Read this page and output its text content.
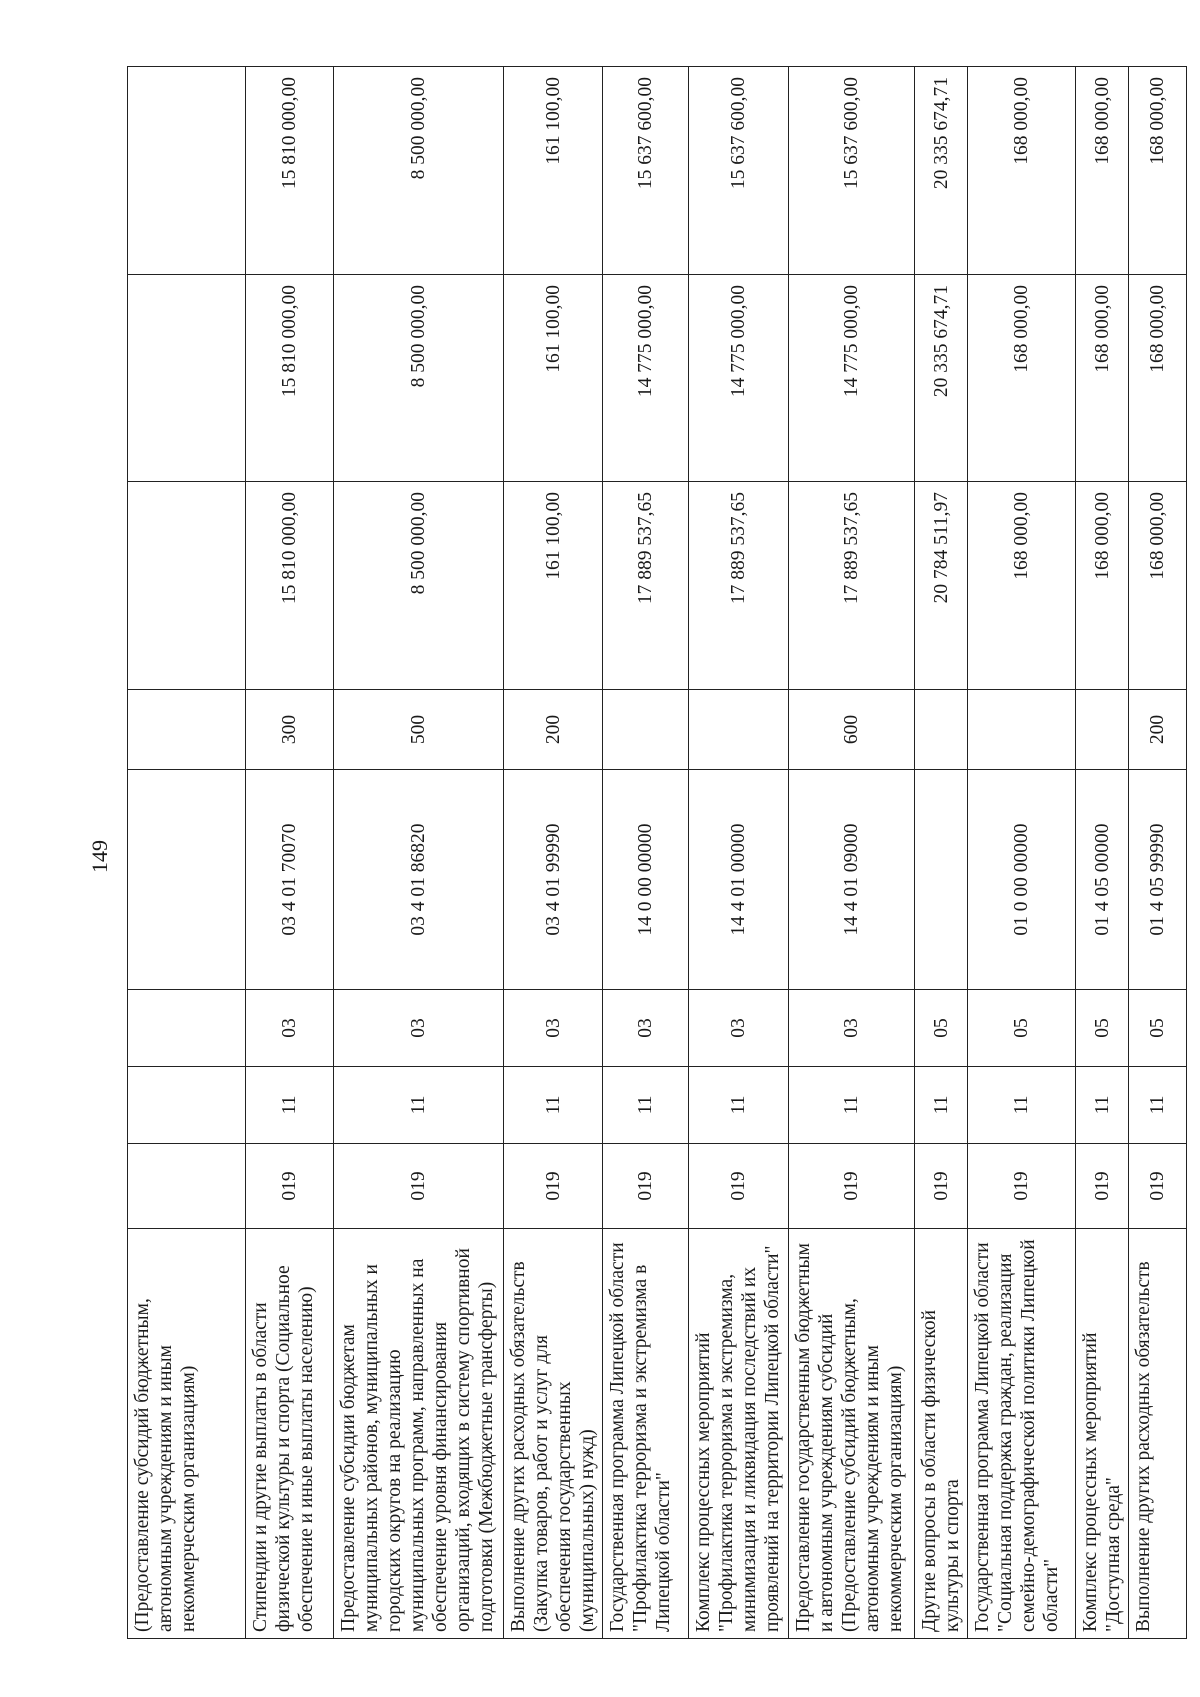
149
(Предоставление субсидий бюджетным, автономным учреждениям и иным некоммерческим организациям)								
Стипендии и другие выплаты в области физической культуры и спорта (Социальное обеспечение и иные выплаты населению)	019	11	03	03 4 01 70070	300	15 810 000,00	15 810 000,00	15 810 000,00
Предоставление субсидии бюджетам муниципальных районов, муниципальных и городских округов на реализацию муниципальных программ, направленных на обеспечение уровня финансирования организаций, входящих в систему спортивной подготовки (Межбюджетные трансферты)	019	11	03	03 4 01 86820	500	8 500 000,00	8 500 000,00	8 500 000,00
Выполнение других расходных обязательств (Закупка товаров, работ и услуг для обеспечения государственных (муниципальных) нужд)	019	11	03	03 4 01 99990	200	161 100,00	161 100,00	161 100,00
Государственная программа Липецкой области "Профилактика терроризма и экстремизма в Липецкой области"	019	11	03	14 0 00 00000		17 889 537,65	14 775 000,00	15 637 600,00
Комплекс процессных мероприятий "Профилактика терроризма и экстремизма, минимизация и ликвидация последствий их проявлений на территории Липецкой области"	019	11	03	14 4 01 00000		17 889 537,65	14 775 000,00	15 637 600,00
Предоставление государственным бюджетным и автономным учреждениям субсидий (Предоставление субсидий бюджетным, автономным учреждениям и иным некоммерческим организациям)	019	11	03	14 4 01 09000	600	17 889 537,65	14 775 000,00	15 637 600,00
Другие вопросы в области физической культуры и спорта	019	11	05			20 784 511,97	20 335 674,71	20 335 674,71
Государственная программа Липецкой области "Социальная поддержка граждан, реализация семейно-демографической политики Липецкой области"	019	11	05	01 0 00 00000		168 000,00	168 000,00	168 000,00
Комплекс процессных мероприятий "Доступная среда"	019	11	05	01 4 05 00000		168 000,00	168 000,00	168 000,00
Выполнение других расходных обязательств	019	11	05	01 4 05 99990	200	168 000,00	168 000,00	168 000,00
